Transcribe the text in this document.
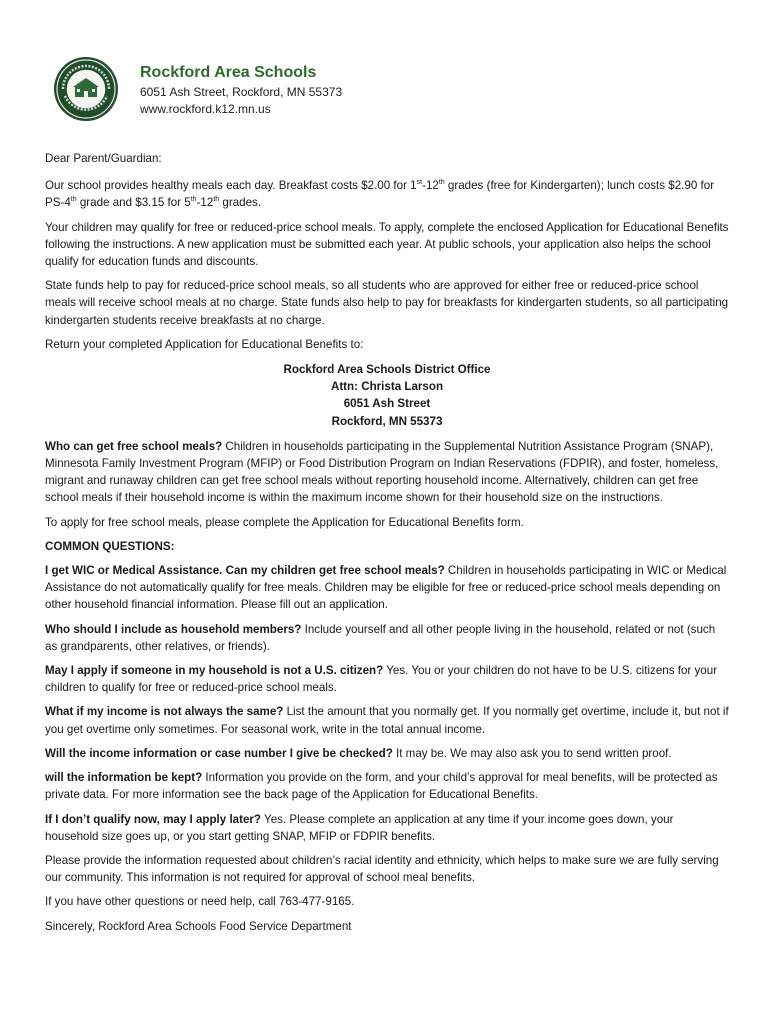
Rockford Area Schools
6051 Ash Street, Rockford, MN 55373
www.rockford.k12.mn.us

Dear Parent/Guardian:

Our school provides healthy meals each day. Breakfast costs $2.00 for 1st-12th grades (free for Kindergarten); lunch costs $2.90 for PS-4th grade and $3.15 for 5th-12th grades.

Your children may qualify for free or reduced-price school meals. To apply, complete the enclosed Application for Educational Benefits following the instructions. A new application must be submitted each year. At public schools, your application also helps the school qualify for education funds and discounts.

State funds help to pay for reduced-price school meals, so all students who are approved for either free or reduced-price school meals will receive school meals at no charge. State funds also help to pay for breakfasts for kindergarten students, so all participating kindergarten students receive breakfasts at no charge.

Return your completed Application for Educational Benefits to:

Rockford Area Schools District Office
Attn: Christa Larson
6051 Ash Street
Rockford, MN 55373

Who can get free school meals? Children in households participating in the Supplemental Nutrition Assistance Program (SNAP), Minnesota Family Investment Program (MFIP) or Food Distribution Program on Indian Reservations (FDPIR), and foster, homeless, migrant and runaway children can get free school meals without reporting household income. Alternatively, children can get free school meals if their household income is within the maximum income shown for their household size on the instructions.

To apply for free school meals, please complete the Application for Educational Benefits form.

COMMON QUESTIONS:

I get WIC or Medical Assistance. Can my children get free school meals? Children in households participating in WIC or Medical Assistance do not automatically qualify for free meals. Children may be eligible for free or reduced-price school meals depending on other household financial information. Please fill out an application.

Who should I include as household members? Include yourself and all other people living in the household, related or not (such as grandparents, other relatives, or friends).

May I apply if someone in my household is not a U.S. citizen? Yes. You or your children do not have to be U.S. citizens for your children to qualify for free or reduced-price school meals.

What if my income is not always the same? List the amount that you normally get. If you normally get overtime, include it, but not if you get overtime only sometimes. For seasonal work, write in the total annual income.

Will the income information or case number I give be checked? It may be. We may also ask you to send written proof.

will the information be kept? Information you provide on the form, and your child’s approval for meal benefits, will be protected as private data. For more information see the back page of the Application for Educational Benefits.

If I don’t qualify now, may I apply later? Yes. Please complete an application at any time if your income goes down, your household size goes up, or you start getting SNAP, MFIP or FDPIR benefits.

Please provide the information requested about children’s racial identity and ethnicity, which helps to make sure we are fully serving our community. This information is not required for approval of school meal benefits.

If you have other questions or need help, call 763-477-9165.

Sincerely, Rockford Area Schools Food Service Department
